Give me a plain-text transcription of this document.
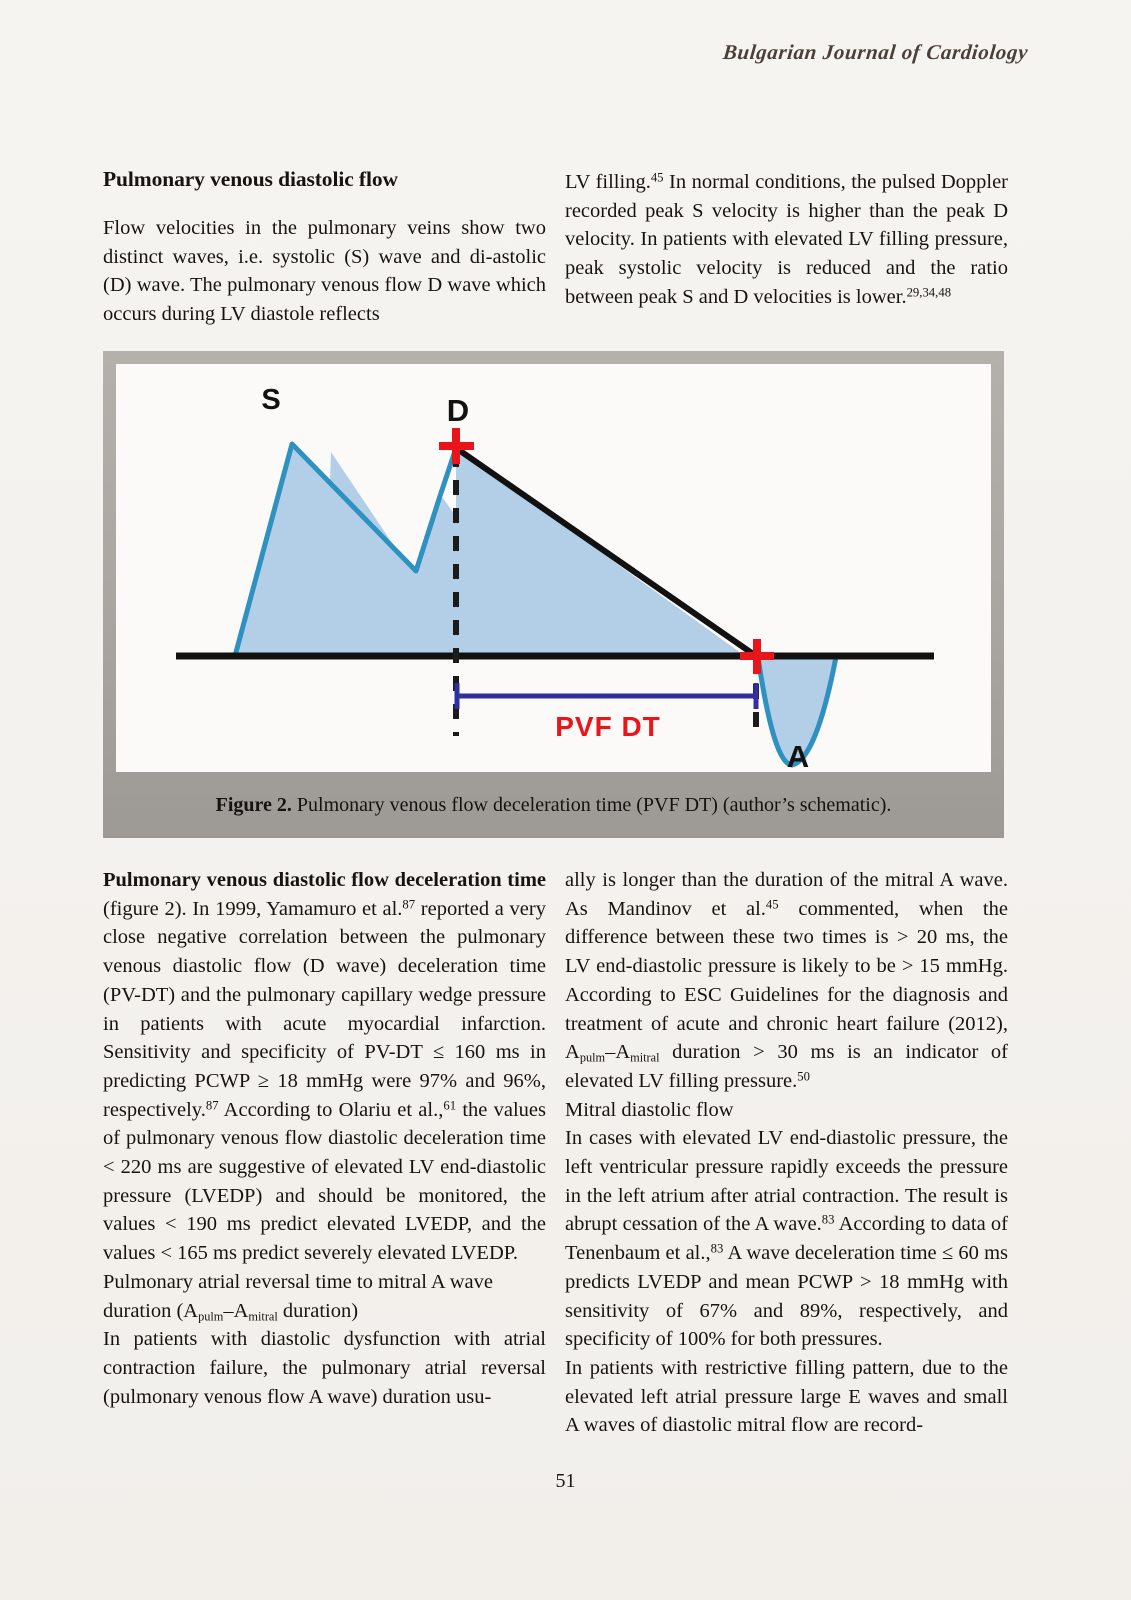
Bulgarian Journal of Cardiology
Pulmonary venous diastolic flow

Flow velocities in the pulmonary veins show two distinct waves, i.e. systolic (S) wave and di-astolic (D) wave. The pulmonary venous flow D wave which occurs during LV diastole reflects

LV filling.$^{45}$ In normal conditions, the pulsed Doppler recorded peak S velocity is higher than the peak D velocity. In patients with elevated LV filling pressure, peak systolic velocity is reduced and the ratio between peak S and D velocities is lower.$^{29,34,48}$

S	D
A
PVF DT
Figure 2. Pulmonary venous flow deceleration time (PVF DT) (author’s schematic).

Pulmonary venous diastolic flow deceleration time (figure 2). In 1999, Yamamuro et al.$^{87}$ reported a very close negative correlation between the pulmonary venous diastolic flow (D wave) deceleration time (PV-DT) and the pulmonary capillary wedge pressure in patients with acute myocardial infarction. Sensitivity and specificity of PV-DT ≤ 160 ms in predicting PCWP ≥ 18 mmHg were 97% and 96%, respectively.$^{87}$ According to Olariu et al.,$^{61}$ the values of pulmonary venous flow diastolic deceleration time < 220 ms are suggestive of elevated LV end-diastolic pressure (LVEDP) and should be monitored, the values < 190 ms predict elevated LVEDP, and the values < 165 ms predict severely elevated LVEDP.

Pulmonary atrial reversal time to mitral A wave
duration ($A_{pulm}-A_{mitral}$ duration)

In patients with diastolic dysfunction with atrial contraction failure, the pulmonary atrial reversal (pulmonary venous flow A wave) duration usu-

ally is longer than the duration of the mitral A wave. As Mandinov et al.$^{45}$ commented, when the difference between these two times is > 20 ms, the LV end-diastolic pressure is likely to be > 15 mmHg. According to ESC Guidelines for the diagnosis and treatment of acute and chronic heart failure (2012), $A_{pulm}-A_{mitral}$ duration > 30 ms is an indicator of elevated LV filling pressure.$^{50}$

Mitral diastolic flow

In cases with elevated LV end-diastolic pressure, the left ventricular pressure rapidly exceeds the pressure in the left atrium after atrial contraction. The result is abrupt cessation of the A wave.$^{83}$ According to data of Tenenbaum et al.,$^{83}$ A wave deceleration time ≤ 60 ms predicts LVEDP and mean PCWP > 18 mmHg with sensitivity of 67% and 89%, respectively, and specificity of 100% for both pressures.

In patients with restrictive filling pattern, due to the elevated left atrial pressure large E waves and small A waves of diastolic mitral flow are record-

51
